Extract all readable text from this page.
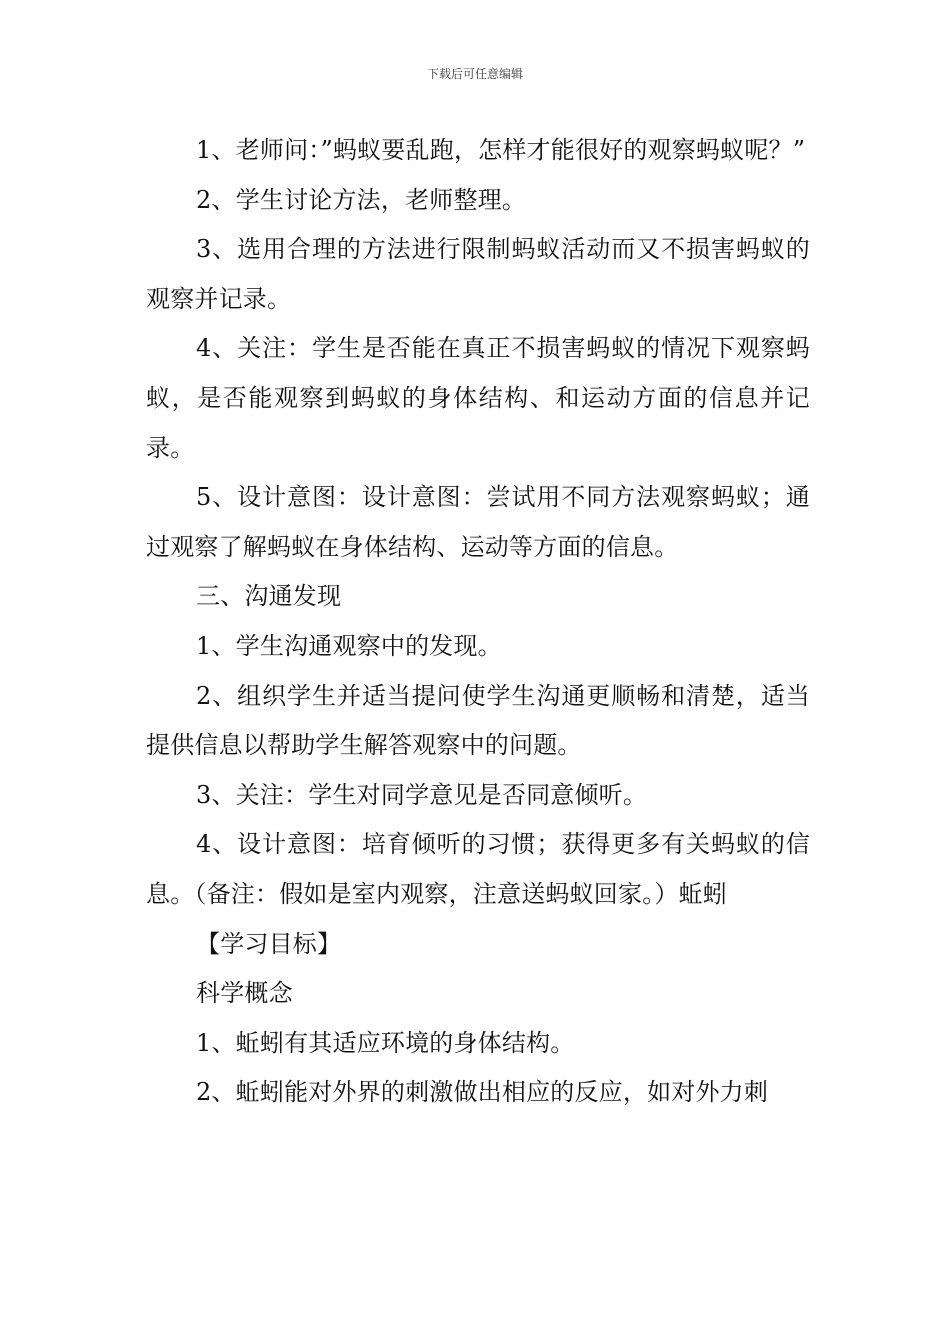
下载后可任意编辑

1、老师问：”蚂蚁要乱跑，怎样才能很好的观察蚂蚁呢？”

2、学生讨论方法，老师整理。

3、选用合理的方法进行限制蚂蚁活动而又不损害蚂蚁的观察并记录。

4、关注：学生是否能在真正不损害蚂蚁的情况下观察蚂蚁，是否能观察到蚂蚁的身体结构、和运动方面的信息并记录。

5、设计意图：设计意图：尝试用不同方法观察蚂蚁；通过观察了解蚂蚁在身体结构、运动等方面的信息。

三、沟通发现

1、学生沟通观察中的发现。

2、组织学生并适当提问使学生沟通更顺畅和清楚，适当提供信息以帮助学生解答观察中的问题。

3、关注：学生对同学意见是否同意倾听。

4、设计意图：培育倾听的习惯；获得更多有关蚂蚁的信息。（备注：假如是室内观察，注意送蚂蚁回家。）蚯蚓

【学习目标】

科学概念

1、蚯蚓有其适应环境的身体结构。

2、蚯蚓能对外界的刺激做出相应的反应，如对外力刺
